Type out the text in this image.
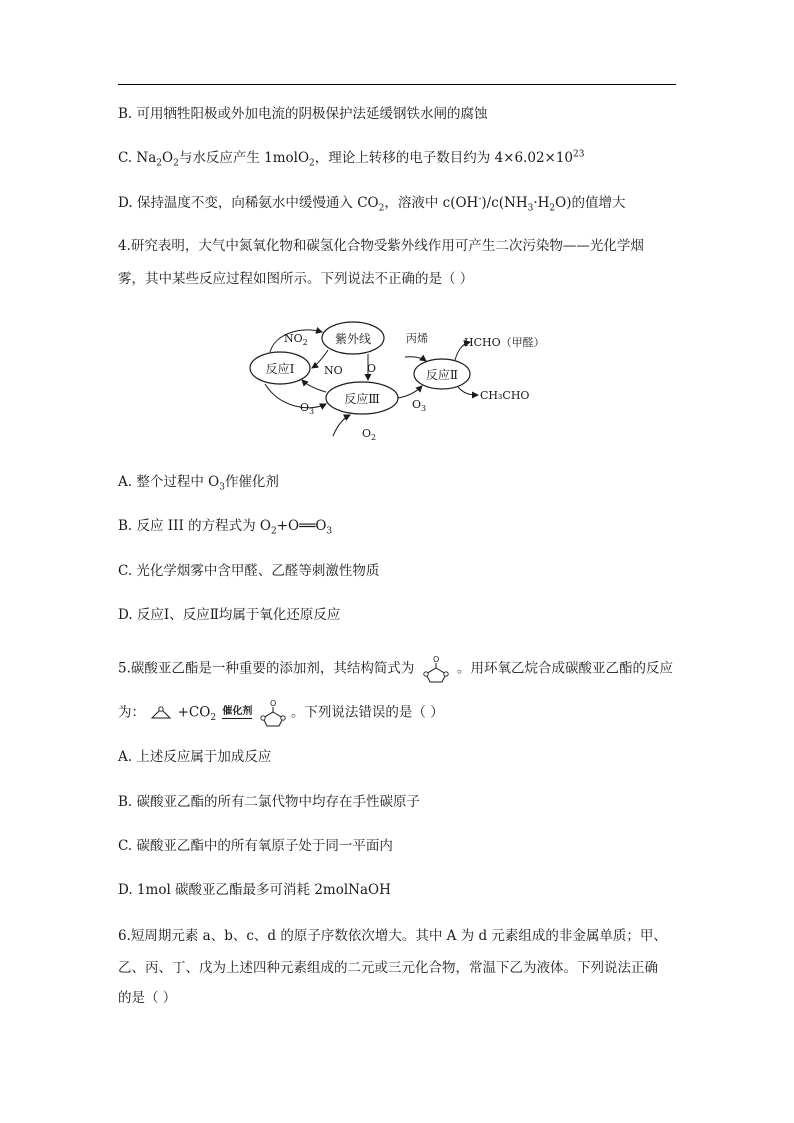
B. 可用牺牲阳极或外加电流的阴极保护法延缓钢铁水闸的腐蚀
C. $Na_2O_2$与水反应产生 1molO$_2$，理论上转移的电子数目约为 $4\times 6.02\times 10^{23}$
D. 保持温度不变，向稀氨水中缓慢通入 $CO_2$，溶液中 $c(OH^-)/c(NH_3\cdot H_2O)$的值增大
4.研究表明，大气中氮氧化物和碳氢化合物受紫外线作用可产生二次污染物——光化学烟
雾，其中某些反应过程如图所示。下列说法不正确的是（ ）
紫外线
反应Ⅰ
反应Ⅲ
反应Ⅱ
$NO_2$
NO O
$O_3$
$O_3$
$O_2$
丙烯	HCHO（甲醛）
CH₃CHO
A. 整个过程中 $O_3$作催化剂
B. 反应 III 的方程式为 $O_2+O══O_3$
C. 光化学烟雾中含甲醛、乙醛等刺激性物质
D. 反应Ⅰ、反应Ⅱ均属于氧化还原反应
5.碳酸亚乙酯是一种重要的添加剂，其结构简式为
O
。用环氧乙烷合成碳酸亚乙酯的反应
为： $+CO_2$ 催化剂
O
。下列说法错误的是（ ）
A. 上述反应属于加成反应
B. 碳酸亚乙酯的所有二氯代物中均存在手性碳原子
C. 碳酸亚乙酯中的所有氧原子处于同一平面内
D. 1mol 碳酸亚乙酯最多可消耗 2molNaOH
6.短周期元素 a、b、c、d 的原子序数依次增大。其中 A 为 d 元素组成的非金属单质；甲、
乙、丙、丁、戊为上述四种元素组成的二元或三元化合物，常温下乙为液体。下列说法正确
的是（ ）
